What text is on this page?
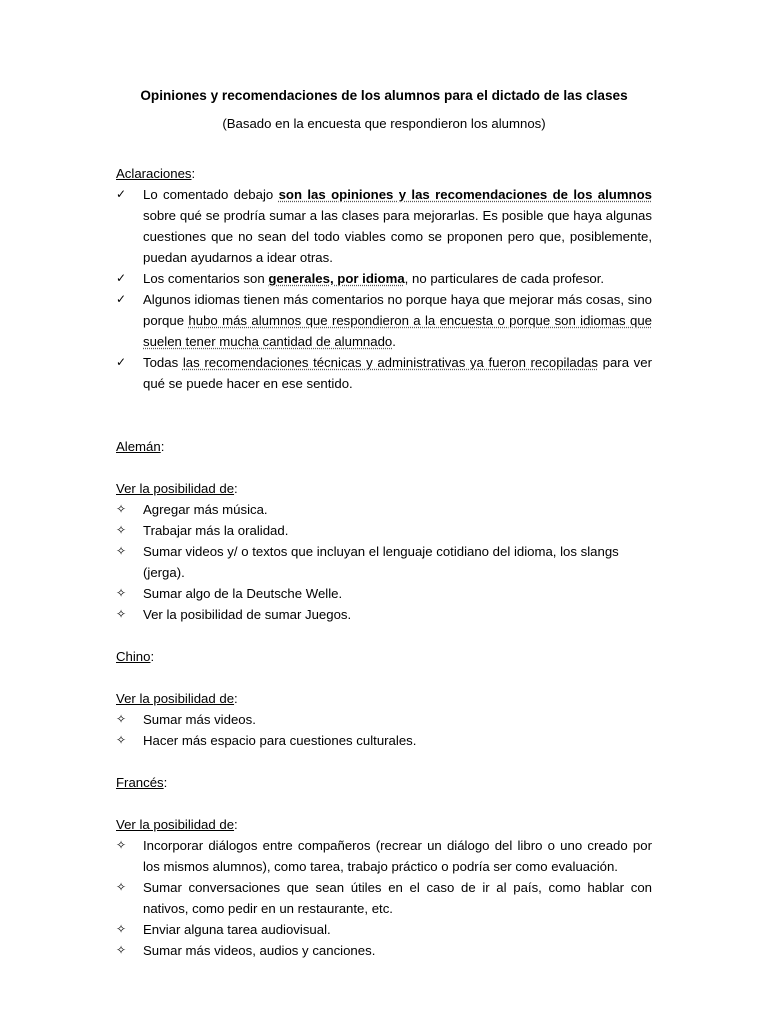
Opiniones y recomendaciones de los alumnos para el dictado de las clases
(Basado en la encuesta que respondieron los alumnos)
Aclaraciones:
✓	Lo comentado debajo son las opiniones y las recomendaciones de los alumnos sobre qué se prodría sumar a las clases para mejorarlas. Es posible que haya algunas cuestiones que no sean del todo viables como se proponen pero que, posiblemente, puedan ayudarnos a idear otras.
✓	Los comentarios son generales, por idioma, no particulares de cada profesor.
✓	Algunos idiomas tienen más comentarios no porque haya que mejorar más cosas, sino porque hubo más alumnos que respondieron a la encuesta o porque son idiomas que suelen tener mucha cantidad de alumnado.
✓	Todas las recomendaciones técnicas y administrativas ya fueron recopiladas para ver qué se puede hacer en ese sentido.
Alemán:
Ver la posibilidad de:
✧	Agregar más música.
✧	Trabajar más la oralidad.
✧	Sumar videos y/ o textos que incluyan el lenguaje cotidiano del idioma, los slangs (jerga).
✧	Sumar algo de la Deutsche Welle.
✧	Ver la posibilidad de sumar Juegos.
Chino:
Ver la posibilidad de:
✧	Sumar más videos.
✧	Hacer más espacio para cuestiones culturales.
Francés:
Ver la posibilidad de:
✧	Incorporar diálogos entre compañeros (recrear un diálogo del libro o uno creado por los mismos alumnos), como tarea, trabajo práctico o podría ser como evaluación.
✧	Sumar conversaciones que sean útiles en el caso de ir al país, como hablar con nativos, como pedir en un restaurante, etc.
✧	Enviar alguna tarea audiovisual.
✧	Sumar más videos, audios y canciones.
